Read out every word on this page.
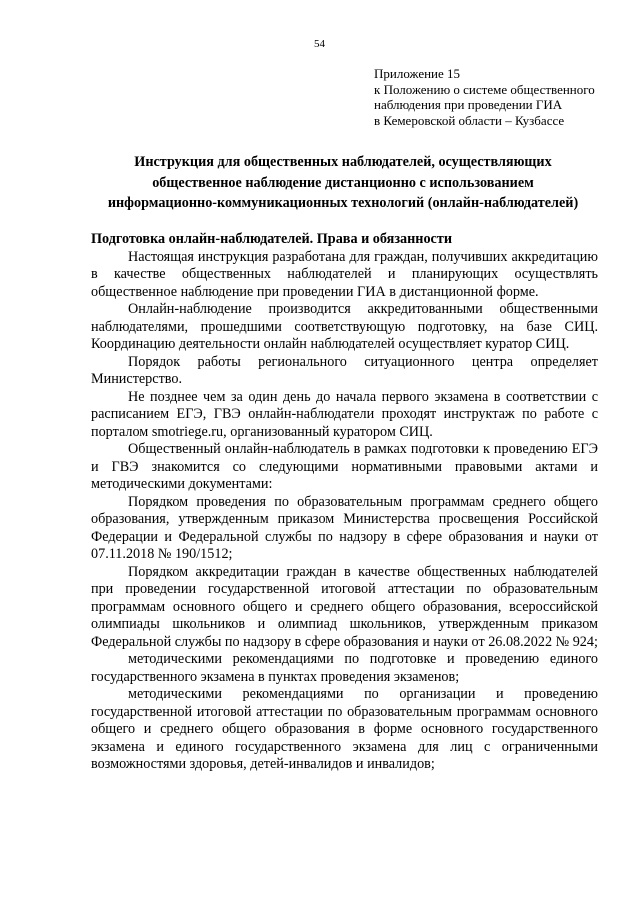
54
Приложение 15
к Положению о системе общественного
наблюдения при проведении ГИА
в Кемеровской области – Кузбассе
Инструкция для общественных наблюдателей, осуществляющих
общественное наблюдение дистанционно с использованием
информационно-коммуникационных технологий (онлайн-наблюдателей)

Подготовка онлайн-наблюдателей. Права и обязанности

Настоящая инструкция разработана для граждан, получивших аккредитацию в качестве общественных наблюдателей и планирующих осуществлять общественное наблюдение при проведении ГИА в дистанционной форме.

Онлайн-наблюдение производится аккредитованными общественными наблюдателями, прошедшими соответствующую подготовку, на базе СИЦ. Координацию деятельности онлайн наблюдателей осуществляет куратор СИЦ.

Порядок работы регионального ситуационного центра определяет Министерство.

Не позднее чем за один день до начала первого экзамена в соответствии с расписанием ЕГЭ, ГВЭ онлайн-наблюдатели проходят инструктаж по работе с порталом smotriege.ru, организованный куратором СИЦ.

Общественный онлайн-наблюдатель в рамках подготовки к проведению ЕГЭ и ГВЭ знакомится со следующими нормативными правовыми актами и методическими документами:

Порядком проведения по образовательным программам среднего общего образования, утвержденным приказом Министерства просвещения Российской Федерации и Федеральной службы по надзору в сфере образования и науки от 07.11.2018 № 190/1512;

Порядком аккредитации граждан в качестве общественных наблюдателей при проведении государственной итоговой аттестации по образовательным программам основного общего и среднего общего образования, всероссийской олимпиады школьников и олимпиад школьников, утвержденным приказом Федеральной службы по надзору в сфере образования и науки от 26.08.2022 № 924;

методическими рекомендациями по подготовке и проведению единого государственного экзамена в пунктах проведения экзаменов;

методическими рекомендациями по организации и проведению государственной итоговой аттестации по образовательным программам основного общего и среднего общего образования в форме основного государственного экзамена и единого государственного экзамена для лиц с ограниченными возможностями здоровья, детей-инвалидов и инвалидов;
